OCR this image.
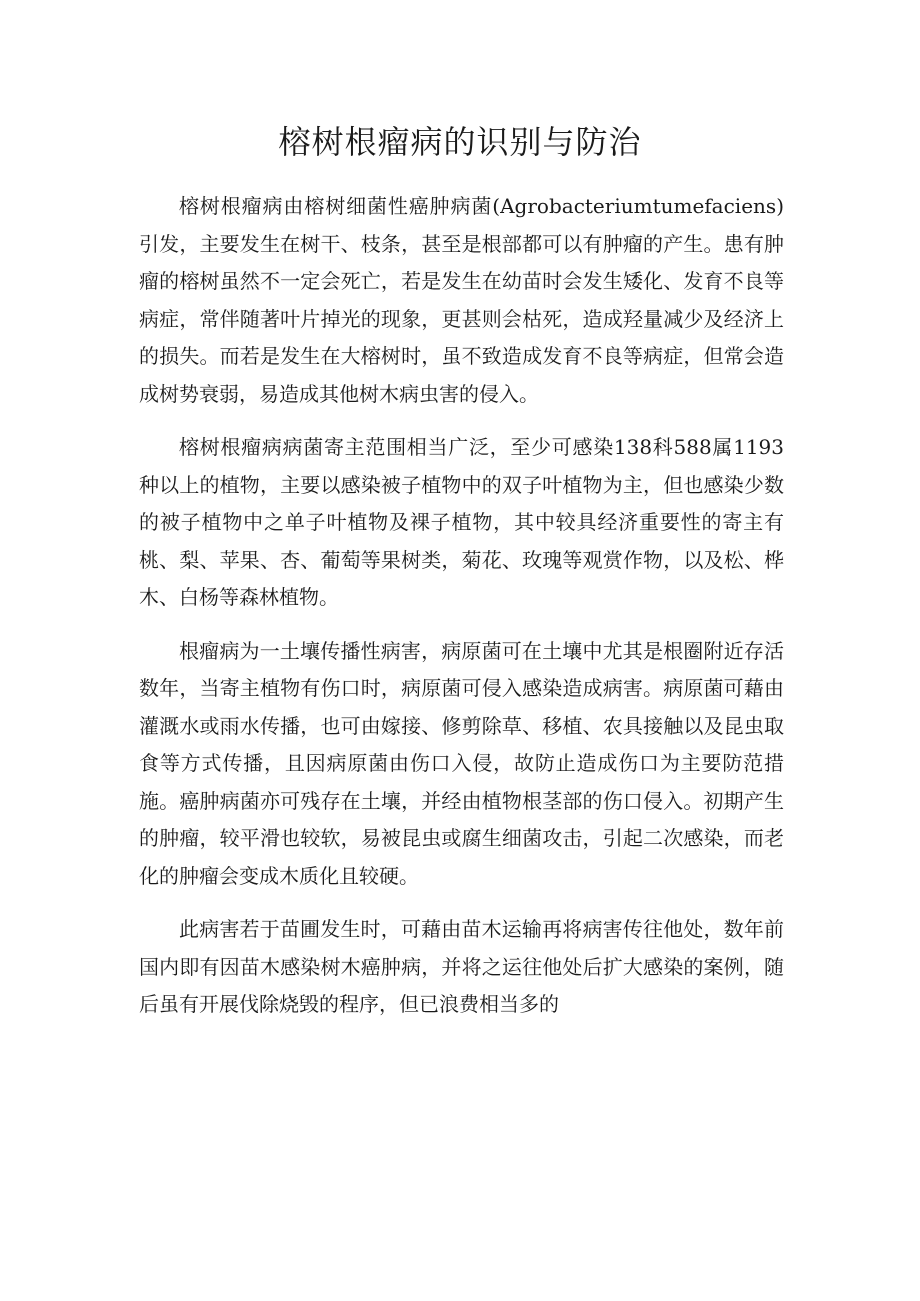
榕树根瘤病的识别与防治

榕树根瘤病由榕树细菌性癌肿病菌(Agrobacteriumtumefaciens)引发，主要发生在树干、枝条，甚至是根部都可以有肿瘤的产生。患有肿瘤的榕树虽然不一定会死亡，若是发生在幼苗时会发生矮化、发育不良等病症，常伴随著叶片掉光的现象，更甚则会枯死，造成羟量减少及经济上的损失。而若是发生在大榕树时，虽不致造成发育不良等病症，但常会造成树势衰弱，易造成其他树木病虫害的侵入。

榕树根瘤病病菌寄主范围相当广泛，至少可感染138科588属1193种以上的植物，主要以感染被子植物中的双子叶植物为主，但也感染少数的被子植物中之单子叶植物及裸子植物，其中较具经济重要性的寄主有桃、梨、苹果、杏、葡萄等果树类，菊花、玫瑰等观赏作物，以及松、桦木、白杨等森林植物。

根瘤病为一土壤传播性病害，病原菌可在土壤中尤其是根圈附近存活数年，当寄主植物有伤口时，病原菌可侵入感染造成病害。病原菌可藉由灌溉水或雨水传播，也可由嫁接、修剪除草、移植、农具接触以及昆虫取食等方式传播，且因病原菌由伤口入侵，故防止造成伤口为主要防范措施。癌肿病菌亦可残存在土壤，并经由植物根茎部的伤口侵入。初期产生的肿瘤，较平滑也较软，易被昆虫或腐生细菌攻击，引起二次感染，而老化的肿瘤会变成木质化且较硬。

此病害若于苗圃发生时，可藉由苗木运输再将病害传往他处，数年前国内即有因苗木感染树木癌肿病，并将之运往他处后扩大感染的案例，随后虽有开展伐除烧毁的程序，但已浪费相当多的
